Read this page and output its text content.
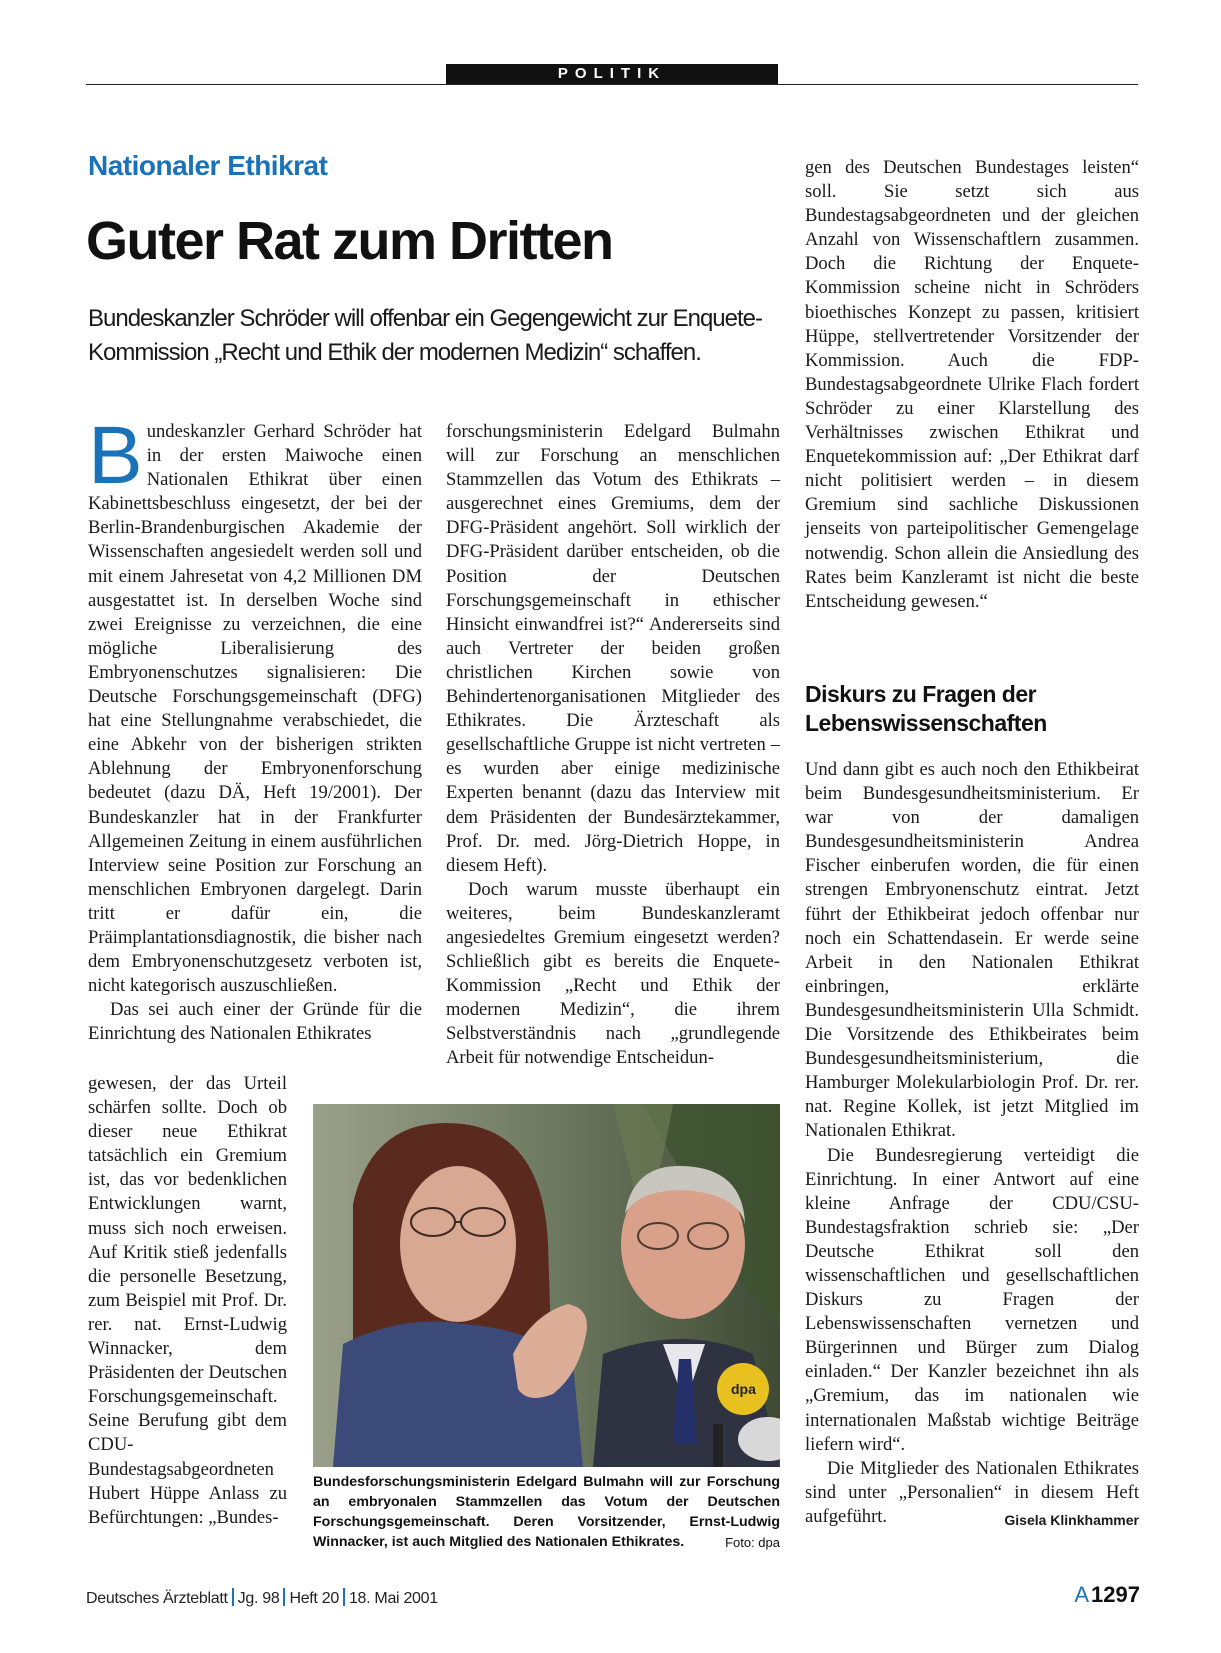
POLITIK
Nationaler Ethikrat
Guter Rat zum Dritten
Bundeskanzler Schröder will offenbar ein Gegengewicht zur Enquete-Kommission „Recht und Ethik der modernen Medizin“ schaffen.

Bundeskanzler Gerhard Schröder hat in der ersten Maiwoche einen Nationalen Ethikrat über einen Kabinettsbeschluss eingesetzt, der bei der Berlin-Brandenburgischen Akademie der Wissenschaften angesiedelt werden soll und mit einem Jahresetat von 4,2 Millionen DM ausgestattet ist. In derselben Woche sind zwei Ereignisse zu verzeichnen, die eine mögliche Liberalisierung des Embryonenschutzes signalisieren: Die Deutsche Forschungsgemeinschaft (DFG) hat eine Stellungnahme verabschiedet, die eine Abkehr von der bisherigen strikten Ablehnung der Embryonenforschung bedeutet (dazu DÄ, Heft 19/2001). Der Bundeskanzler hat in der Frankfurter Allgemeinen Zeitung in einem ausführlichen Interview seine Position zur Forschung an menschlichen Embryonen dargelegt. Darin tritt er dafür ein, die Präimplantationsdiagnostik, die bisher nach dem Embryonenschutzgesetz verboten ist, nicht kategorisch auszuschließen.

Das sei auch einer der Gründe für die Einrichtung des Nationalen Ethikrates

gewesen, der das Urteil schärfen sollte. Doch ob dieser neue Ethikrat tatsächlich ein Gremium ist, das vor bedenklichen Entwicklungen warnt, muss sich noch erweisen. Auf Kritik stieß jedenfalls die personelle Besetzung, zum Beispiel mit Prof. Dr. rer. nat. Ernst-Ludwig Winnacker, dem Präsidenten der Deutschen Forschungsgemeinschaft. Seine Berufung gibt dem CDU-Bundestagsabgeordneten Hubert Hüppe Anlass zu Befürchtungen: „Bundes-

forschungsministerin Edelgard Bulmahn will zur Forschung an menschlichen Stammzellen das Votum des Ethikrats – ausgerechnet eines Gremiums, dem der DFG-Präsident angehört. Soll wirklich der DFG-Präsident darüber entscheiden, ob die Position der Deutschen Forschungsgemeinschaft in ethischer Hinsicht einwandfrei ist?“ Andererseits sind auch Vertreter der beiden großen christlichen Kirchen sowie von Behindertenorganisationen Mitglieder des Ethikrates. Die Ärzteschaft als gesellschaftliche Gruppe ist nicht vertreten – es wurden aber einige medizinische Experten benannt (dazu das Interview mit dem Präsidenten der Bundesärztekammer, Prof. Dr. med. Jörg-Dietrich Hoppe, in diesem Heft).

Doch warum musste überhaupt ein weiteres, beim Bundeskanzleramt angesiedeltes Gremium eingesetzt werden? Schließlich gibt es bereits die Enquete-Kommission „Recht und Ethik der modernen Medizin“, die ihrem Selbstverständnis nach „grundlegende Arbeit für notwendige Entscheidun-

gen des Deutschen Bundestages leisten“ soll. Sie setzt sich aus Bundestagsabgeordneten und der gleichen Anzahl von Wissenschaftlern zusammen. Doch die Richtung der Enquete-Kommission scheine nicht in Schröders bioethisches Konzept zu passen, kritisiert Hüppe, stellvertretender Vorsitzender der Kommission. Auch die FDP-Bundestagsabgeordnete Ulrike Flach fordert Schröder zu einer Klarstellung des Verhältnisses zwischen Ethikrat und Enquetekommission auf: „Der Ethikrat darf nicht politisiert werden – in diesem Gremium sind sachliche Diskussionen jenseits von parteipolitischer Gemengelage notwendig. Schon allein die Ansiedlung des Rates beim Kanzleramt ist nicht die beste Entscheidung gewesen.“

Diskurs zu Fragen der Lebenswissenschaften

Und dann gibt es auch noch den Ethikbeirat beim Bundesgesundheitsministerium. Er war von der damaligen Bundesgesundheitsministerin Andrea Fischer einberufen worden, die für einen strengen Embryonenschutz eintrat. Jetzt führt der Ethikbeirat jedoch offenbar nur noch ein Schattendasein. Er werde seine Arbeit in den Nationalen Ethikrat einbringen, erklärte Bundesgesundheitsministerin Ulla Schmidt. Die Vorsitzende des Ethikbeirates beim Bundesgesundheitsministerium, die Hamburger Molekularbiologin Prof. Dr. rer. nat. Regine Kollek, ist jetzt Mitglied im Nationalen Ethikrat.

Die Bundesregierung verteidigt die Einrichtung. In einer Antwort auf eine kleine Anfrage der CDU/CSU-Bundestagsfraktion schrieb sie: „Der Deutsche Ethikrat soll den wissenschaftlichen und gesellschaftlichen Diskurs zu Fragen der Lebenswissenschaften vernetzen und Bürgerinnen und Bürger zum Dialog einladen.“ Der Kanzler bezeichnet ihn als „Gremium, das im nationalen wie internationalen Maßstab wichtige Beiträge liefern wird“.

Die Mitglieder des Nationalen Ethikrates sind unter „Personalien“ in diesem Heft aufgeführt.	Gisela Klinkhammer

dpa
Bundesforschungsministerin Edelgard Bulmahn will zur Forschung an embryonalen Stammzellen das Votum der Deutschen Forschungsgemeinschaft. Deren Vorsitzender, Ernst-Ludwig Winnacker, ist auch Mitglied des Nationalen Ethikrates.	Foto: dpa
Deutsches Ärzteblatt Jg. 98 Heft 20 18. Mai 2001	A1297
